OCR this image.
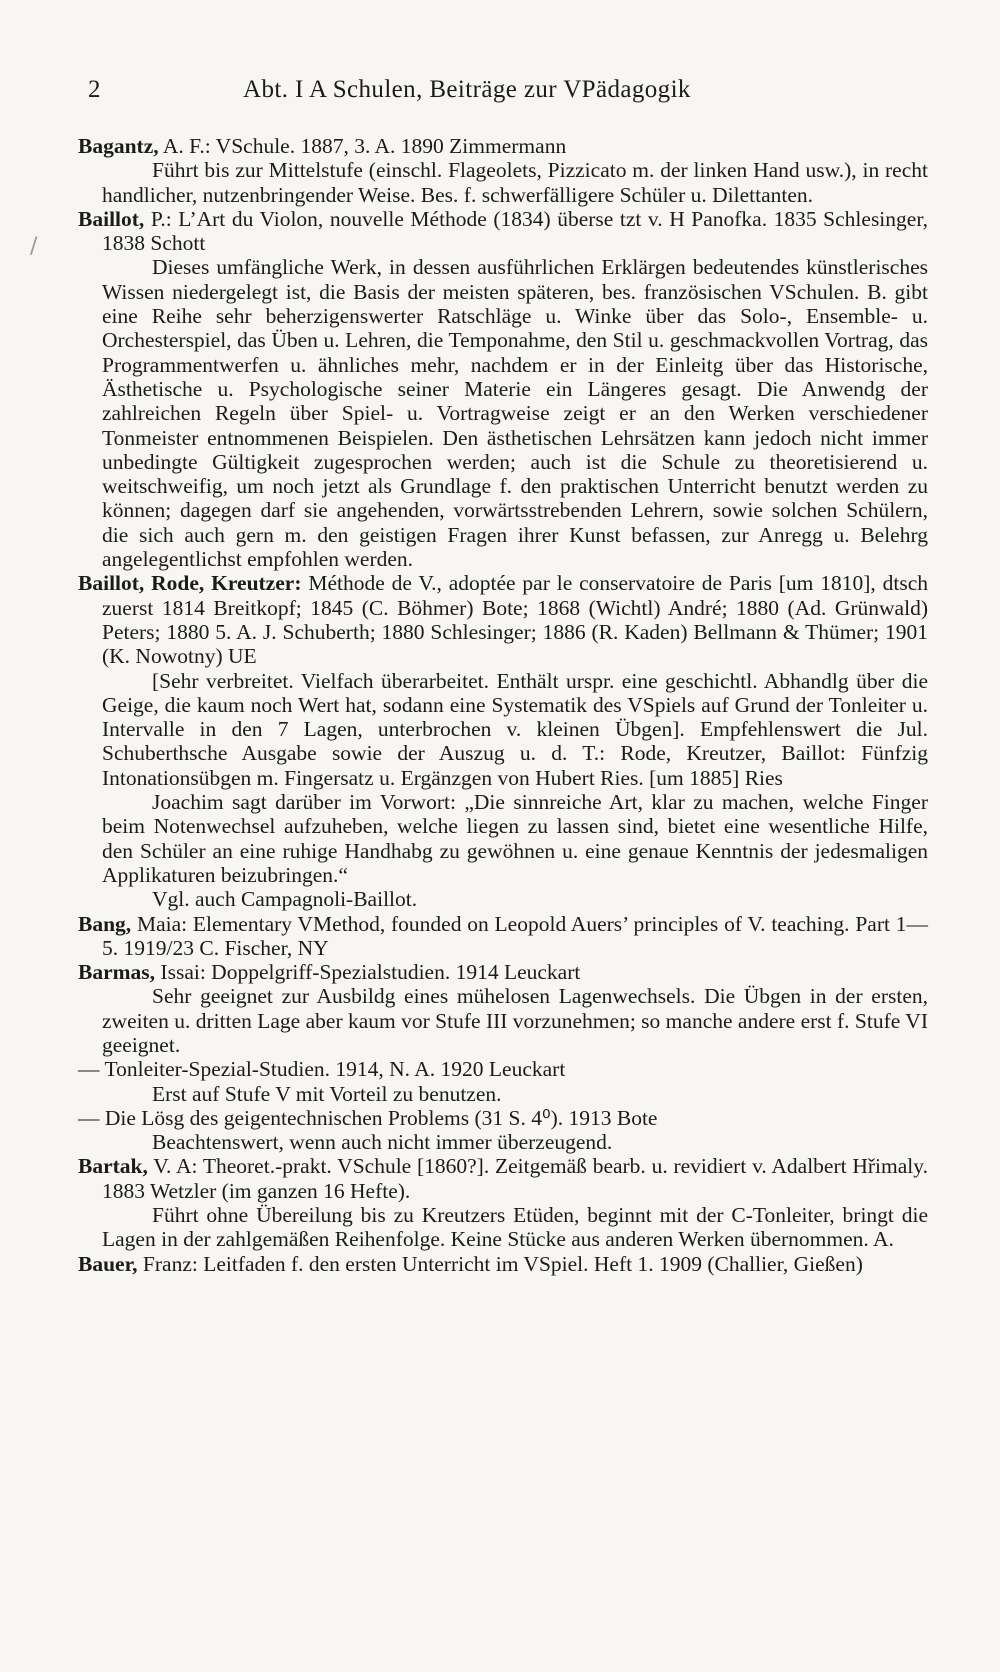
2	Abt. I A Schulen, Beiträge zur VPädagogik
/

Bagantz, A. F.: VSchule. 1887, 3. A. 1890 Zimmermann

Führt bis zur Mittelstufe (einschl. Flageolets, Pizzicato m. der linken Hand usw.), in recht handlicher, nutzenbringender Weise. Bes. f. schwerfälligere Schüler u. Dilettanten.

Baillot, P.: L’Art du Violon, nouvelle Méthode (1834) überse tzt v. H Panofka. 1835 Schlesinger, 1838 Schott

Dieses umfängliche Werk, in dessen ausführlichen Erklärgen bedeutendes künstlerisches Wissen niedergelegt ist, die Basis der meisten späteren, bes. französischen VSchulen. B. gibt eine Reihe sehr beherzigenswerter Ratschläge u. Winke über das Solo-, Ensemble- u. Orchesterspiel, das Üben u. Lehren, die Temponahme, den Stil u. geschmackvollen Vortrag, das Programmentwerfen u. ähnliches mehr, nachdem er in der Einleitg über das Historische, Ästhetische u. Psychologische seiner Materie ein Längeres gesagt. Die Anwendg der zahlreichen Regeln über Spiel- u. Vortragweise zeigt er an den Werken verschiedener Tonmeister entnommenen Beispielen. Den ästhetischen Lehrsätzen kann jedoch nicht immer unbedingte Gültigkeit zugesprochen werden; auch ist die Schule zu theoretisierend u. weitschweifig, um noch jetzt als Grundlage f. den praktischen Unterricht benutzt werden zu können; dagegen darf sie angehenden, vorwärtsstrebenden Lehrern, sowie solchen Schülern, die sich auch gern m. den geistigen Fragen ihrer Kunst befassen, zur Anregg u. Belehrg angelegentlichst empfohlen werden.

Baillot, Rode, Kreutzer: Méthode de V., adoptée par le conservatoire de Paris [um 1810], dtsch zuerst 1814 Breitkopf; 1845 (C. Böhmer) Bote; 1868 (Wichtl) André; 1880 (Ad. Grünwald) Peters; 1880 5. A. J. Schuberth; 1880 Schlesinger; 1886 (R. Kaden) Bellmann & Thümer; 1901 (K. Nowotny) UE

[Sehr verbreitet. Vielfach überarbeitet. Enthält urspr. eine geschichtl. Abhandlg über die Geige, die kaum noch Wert hat, sodann eine Systematik des VSpiels auf Grund der Tonleiter u. Intervalle in den 7 Lagen, unterbrochen v. kleinen Übgen]. Empfehlenswert die Jul. Schuberthsche Ausgabe sowie der Auszug u. d. T.: Rode, Kreutzer, Baillot: Fünfzig Intonationsübgen m. Fingersatz u. Ergänzgen von Hubert Ries. [um 1885] Ries

Joachim sagt darüber im Vorwort: „Die sinnreiche Art, klar zu machen, welche Finger beim Notenwechsel aufzuheben, welche liegen zu lassen sind, bietet eine wesentliche Hilfe, den Schüler an eine ruhige Handhabg zu gewöhnen u. eine genaue Kenntnis der jedesmaligen Applikaturen beizubringen.“

Vgl. auch Campagnoli-Baillot.

Bang, Maia: Elementary VMethod, founded on Leopold Auers’ principles of V. teaching. Part 1—5. 1919/23 C. Fischer, NY

Barmas, Issai: Doppelgriff-Spezialstudien. 1914 Leuckart

Sehr geeignet zur Ausbildg eines mühelosen Lagenwechsels. Die Übgen in der ersten, zweiten u. dritten Lage aber kaum vor Stufe III vorzunehmen; so manche andere erst f. Stufe VI geeignet.

— Tonleiter-Spezial-Studien. 1914, N. A. 1920 Leuckart

Erst auf Stufe V mit Vorteil zu benutzen.

— Die Lösg des geigentechnischen Problems (31 S. 4⁰). 1913 Bote

Beachtenswert, wenn auch nicht immer überzeugend.

Bartak, V. A: Theoret.-prakt. VSchule [1860?]. Zeitgemäß bearb. u. revidiert v. Adalbert Hřimaly. 1883 Wetzler (im ganzen 16 Hefte).

Führt ohne Übereilung bis zu Kreutzers Etüden, beginnt mit der C-Tonleiter, bringt die Lagen in der zahlgemäßen Reihenfolge. Keine Stücke aus anderen Werken übernommen. A.

Bauer, Franz: Leitfaden f. den ersten Unterricht im VSpiel. Heft 1. 1909 (Challier, Gießen)
